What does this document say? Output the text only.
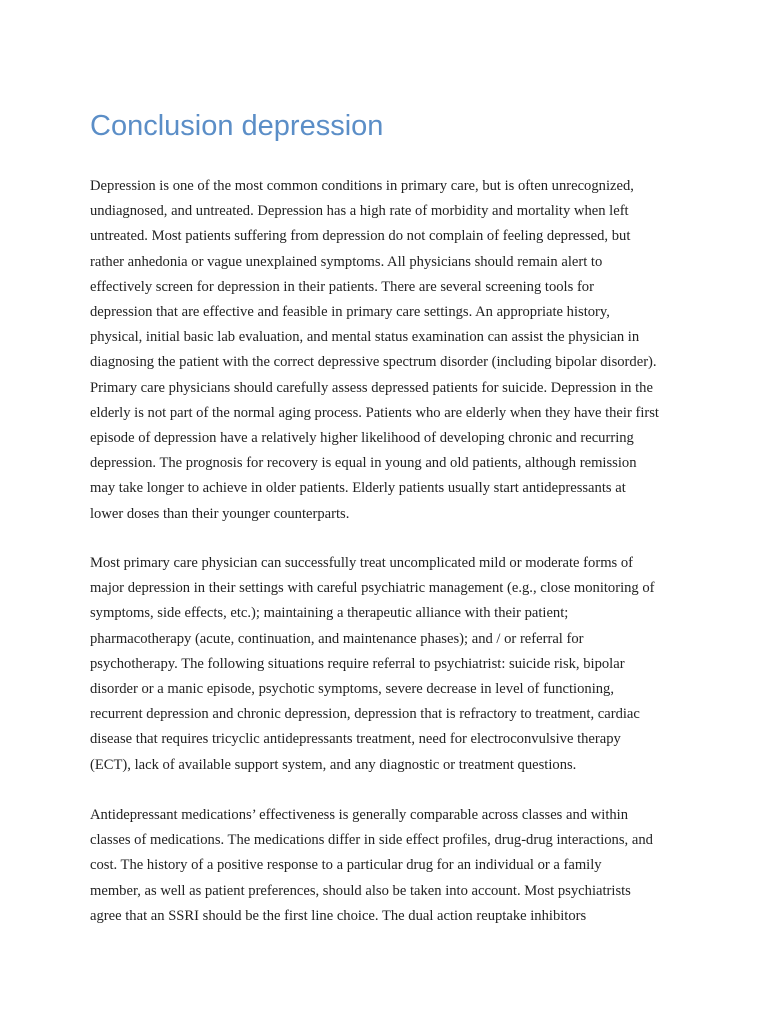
Conclusion depression
Depression is one of the most common conditions in primary care, but is often unrecognized,
undiagnosed, and untreated. Depression has a high rate of morbidity and mortality when left
untreated. Most patients suffering from depression do not complain of feeling depressed, but
rather anhedonia or vague unexplained symptoms. All physicians should remain alert to
effectively screen for depression in their patients. There are several screening tools for
depression that are effective and feasible in primary care settings. An appropriate history,
physical, initial basic lab evaluation, and mental status examination can assist the physician in
diagnosing the patient with the correct depressive spectrum disorder (including bipolar disorder).
Primary care physicians should carefully assess depressed patients for suicide. Depression in the
elderly is not part of the normal aging process. Patients who are elderly when they have their first
episode of depression have a relatively higher likelihood of developing chronic and recurring
depression. The prognosis for recovery is equal in young and old patients, although remission
may take longer to achieve in older patients. Elderly patients usually start antidepressants at
lower doses than their younger counterparts.
Most primary care physician can successfully treat uncomplicated mild or moderate forms of
major depression in their settings with careful psychiatric management (e.g., close monitoring of
symptoms, side effects, etc.); maintaining a therapeutic alliance with their patient;
pharmacotherapy (acute, continuation, and maintenance phases); and / or referral for
psychotherapy. The following situations require referral to psychiatrist: suicide risk, bipolar
disorder or a manic episode, psychotic symptoms, severe decrease in level of functioning,
recurrent depression and chronic depression, depression that is refractory to treatment, cardiac
disease that requires tricyclic antidepressants treatment, need for electroconvulsive therapy
(ECT), lack of available support system, and any diagnostic or treatment questions.
Antidepressant medications’ effectiveness is generally comparable across classes and within
classes of medications. The medications differ in side effect profiles, drug-drug interactions, and
cost. The history of a positive response to a particular drug for an individual or a family
member, as well as patient preferences, should also be taken into account. Most psychiatrists
agree that an SSRI should be the first line choice. The dual action reuptake inhibitors
